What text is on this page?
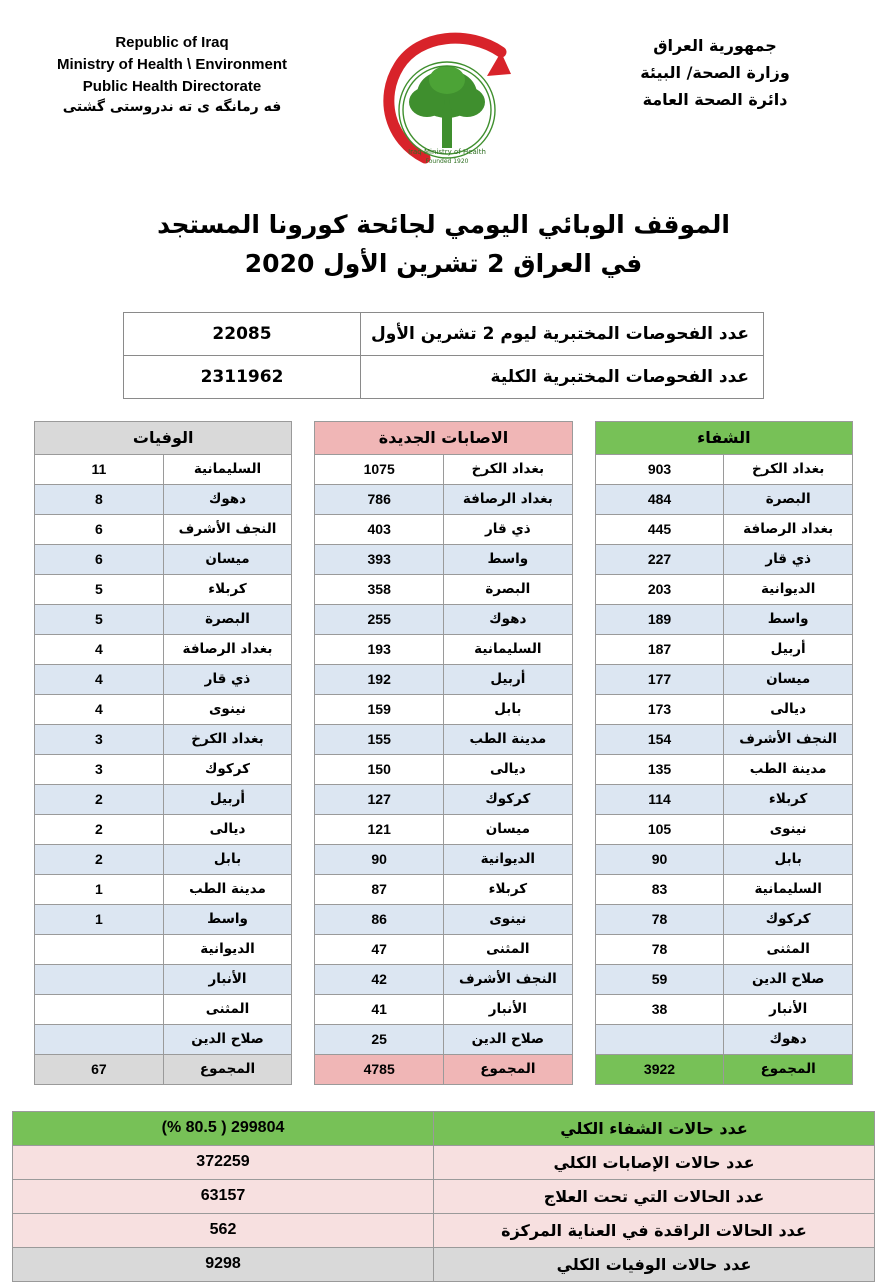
جمهورية العراق
وزارة الصحة/ البيئة
دائرة الصحة العامة
Iraq Ministry of Health
Founded 1920
Republic of Iraq
Ministry of Health \ Environment
Public Health Directorate
فه رمانگه ى ته ندروستى گشتى
الموقف الوبائي اليومي لجائحة كورونا المستجد
في العراق 2 تشرين الأول 2020
عدد الفحوصات المختبرية ليوم 2 تشرين الأول	22085
عدد الفحوصات المختبرية الكلية	2311962
الشفاء	
بغداد الكرخ	903
البصرة	484
بغداد الرصافة	445
ذي قار	227
الديوانية	203
واسط	189
أربيل	187
ميسان	177
ديالى	173
النجف الأشرف	154
مدينة الطب	135
كربلاء	114
نينوى	105
بابل	90
السليمانية	83
كركوك	78
المثنى	78
صلاح الدين	59
الأنبار	38
دهوك	
المجموع	3922
الاصابات الجديدة	
بغداد الكرخ	1075
بغداد الرصافة	786
ذي قار	403
واسط	393
البصرة	358
دهوك	255
السليمانية	193
أربيل	192
بابل	159
مدينة الطب	155
ديالى	150
كركوك	127
ميسان	121
الديوانية	90
كربلاء	87
نينوى	86
المثنى	47
النجف الأشرف	42
الأنبار	41
صلاح الدين	25
المجموع	4785
الوفيات	
السليمانية	11
دهوك	8
النجف الأشرف	6
ميسان	6
كربلاء	5
البصرة	5
بغداد الرصافة	4
ذي قار	4
نينوى	4
بغداد الكرخ	3
كركوك	3
أربيل	2
ديالى	2
بابل	2
مدينة الطب	1
واسط	1
الديوانية	
الأنبار	
المثنى	
صلاح الدين	
المجموع	67
عدد حالات الشفاء الكلي	299804 ( 80.5 %)
عدد حالات الإصابات الكلي	372259
عدد الحالات التي تحت العلاج	63157
عدد الحالات الراقدة في العناية المركزة	562
عدد حالات الوفيات الكلي	9298
